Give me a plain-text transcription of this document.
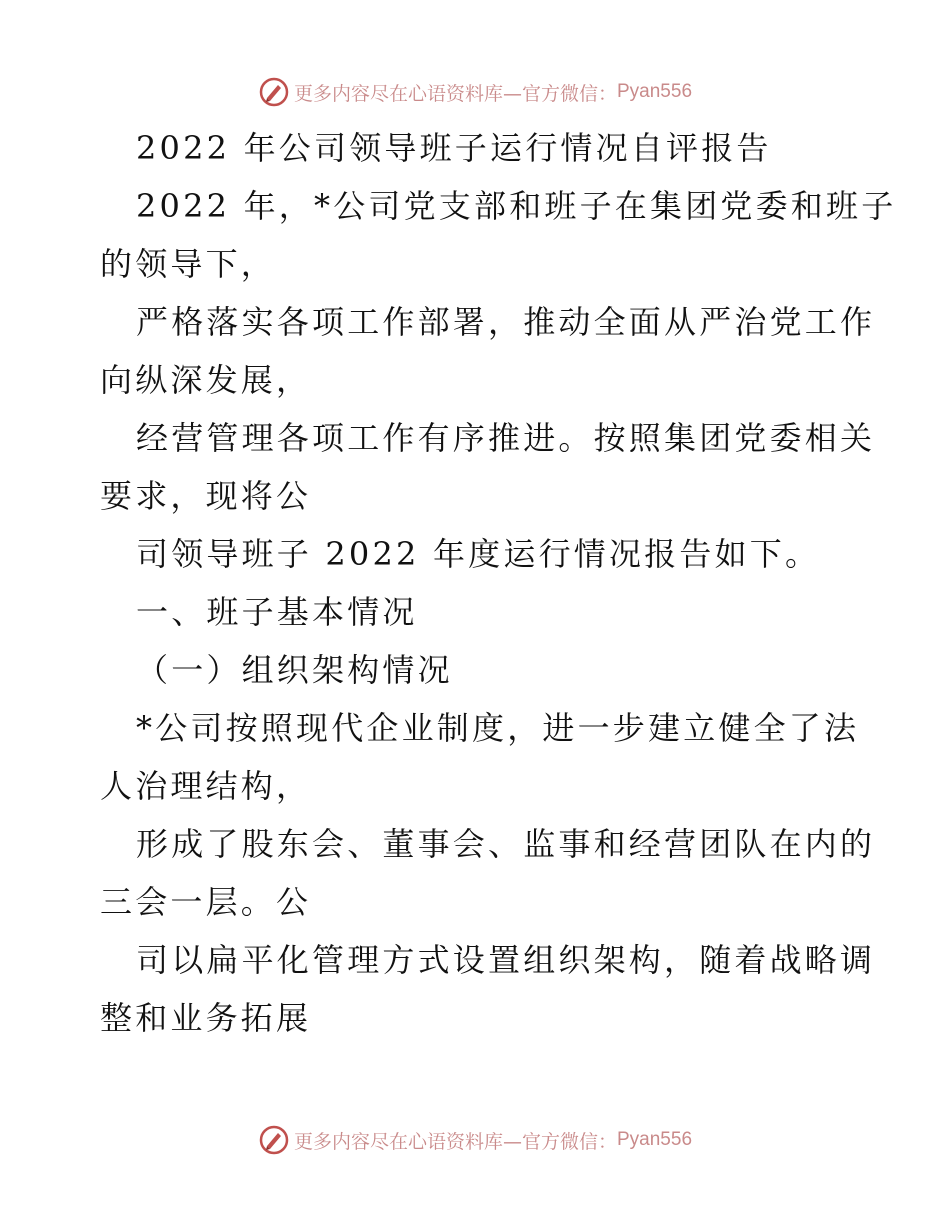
更多内容尽在心语资料库—官方微信： Pyan556
2022 年公司领导班子运行情况自评报告
2022 年，*公司党支部和班子在集团党委和班子
的领导下，
严格落实各项工作部署，推动全面从严治党工作
向纵深发展，
经营管理各项工作有序推进。按照集团党委相关
要求，现将公
司领导班子 2022 年度运行情况报告如下。
一、班子基本情况
（一）组织架构情况
*公司按照现代企业制度，进一步建立健全了法
人治理结构，
形成了股东会、董事会、监事和经营团队在内的
三会一层。公
司以扁平化管理方式设置组织架构，随着战略调
整和业务拓展
更多内容尽在心语资料库—官方微信： Pyan556
